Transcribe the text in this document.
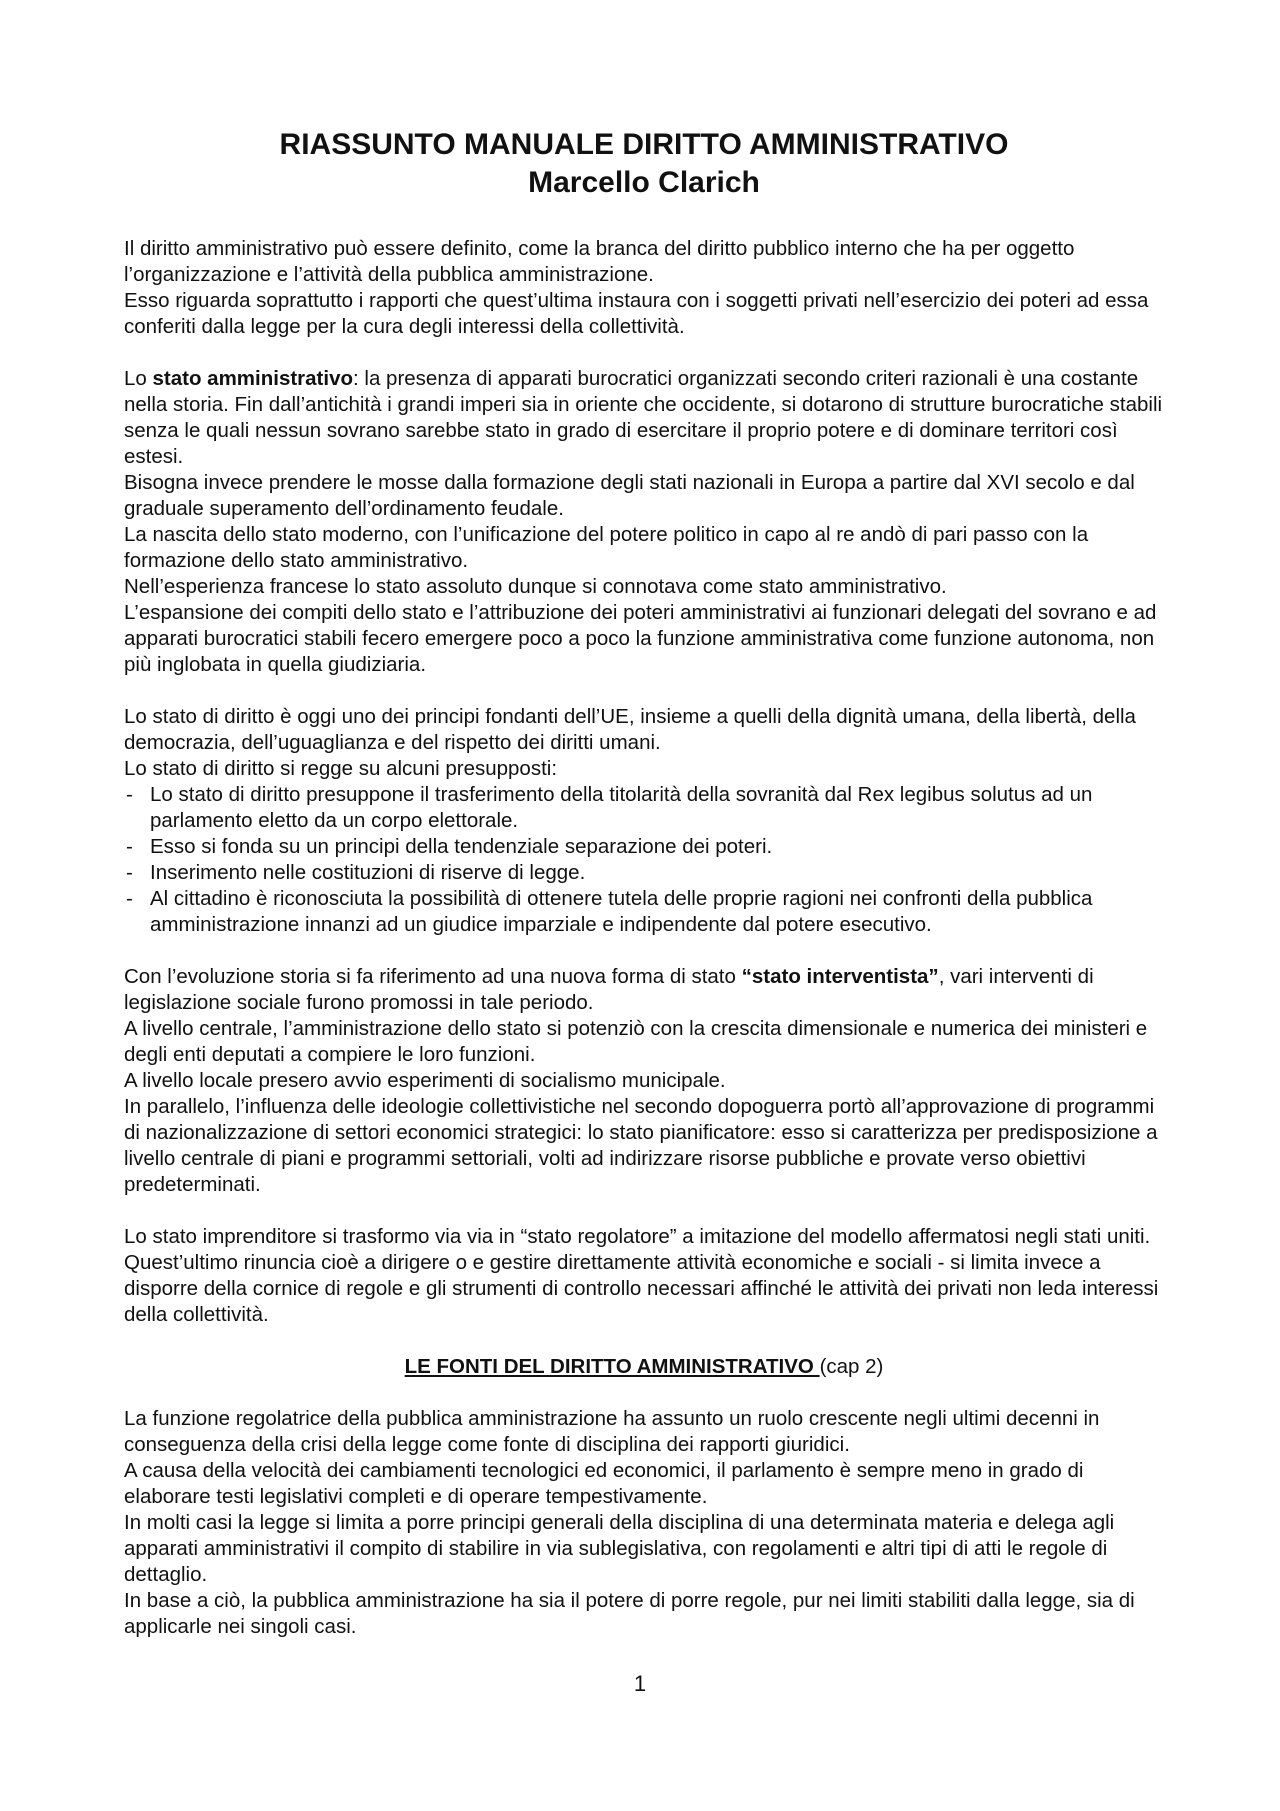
RIASSUNTO MANUALE DIRITTO AMMINISTRATIVO
Marcello Clarich

Il diritto amministrativo può essere definito, come la branca del diritto pubblico interno che ha per oggetto l’organizzazione e l’attività della pubblica amministrazione.

Esso riguarda soprattutto i rapporti che quest’ultima instaura con i soggetti privati nell’esercizio dei poteri ad essa conferiti dalla legge per la cura degli interessi della collettività.

Lo stato amministrativo: la presenza di apparati burocratici organizzati secondo criteri razionali è una costante nella storia. Fin dall’antichità i grandi imperi sia in oriente che occidente, si dotarono di strutture burocratiche stabili senza le quali nessun sovrano sarebbe stato in grado di esercitare il proprio potere e di dominare territori così estesi.

Bisogna invece prendere le mosse dalla formazione degli stati nazionali in Europa a partire dal XVI secolo e dal graduale superamento dell’ordinamento feudale.

La nascita dello stato moderno, con l’unificazione del potere politico in capo al re andò di pari passo con la formazione dello stato amministrativo.

Nell’esperienza francese lo stato assoluto dunque si connotava come stato amministrativo.

L’espansione dei compiti dello stato e l’attribuzione dei poteri amministrativi ai funzionari delegati del sovrano e ad apparati burocratici stabili fecero emergere poco a poco la funzione amministrativa come funzione autonoma, non più inglobata in quella giudiziaria.

Lo stato di diritto è oggi uno dei principi fondanti dell’UE, insieme a quelli della dignità umana, della libertà, della democrazia, dell’uguaglianza e del rispetto dei diritti umani.

Lo stato di diritto si regge su alcuni presupposti:

- Lo stato di diritto presuppone il trasferimento della titolarità della sovranità dal Rex legibus solutus ad un parlamento eletto da un corpo elettorale.
- Esso si fonda su un principi della tendenziale separazione dei poteri.
- Inserimento nelle costituzioni di riserve di legge.
- Al cittadino è riconosciuta la possibilità di ottenere tutela delle proprie ragioni nei confronti della pubblica amministrazione innanzi ad un giudice imparziale e indipendente dal potere esecutivo.

Con l’evoluzione storia si fa riferimento ad una nuova forma di stato “stato interventista”, vari interventi di legislazione sociale furono promossi in tale periodo.

A livello centrale, l’amministrazione dello stato si potenziò con la crescita dimensionale e numerica dei ministeri e degli enti deputati a compiere le loro funzioni.

A livello locale presero avvio esperimenti di socialismo municipale.

In parallelo, l’influenza delle ideologie collettivistiche nel secondo dopoguerra portò all’approvazione di programmi di nazionalizzazione di settori economici strategici: lo stato pianificatore: esso si caratterizza per predisposizione a livello centrale di piani e programmi settoriali, volti ad indirizzare risorse pubbliche e provate verso obiettivi predeterminati.

Lo stato imprenditore si trasformo via via in “stato regolatore” a imitazione del modello affermatosi negli stati uniti.

Quest’ultimo rinuncia cioè a dirigere o e gestire direttamente attività economiche e sociali - si limita invece a disporre della cornice di regole e gli strumenti di controllo necessari affinché le attività dei privati non leda interessi della collettività.

LE FONTI DEL DIRITTO AMMINISTRATIVO (cap 2)

La funzione regolatrice della pubblica amministrazione ha assunto un ruolo crescente negli ultimi decenni in conseguenza della crisi della legge come fonte di disciplina dei rapporti giuridici.

A causa della velocità dei cambiamenti tecnologici ed economici, il parlamento è sempre meno in grado di elaborare testi legislativi completi e di operare tempestivamente.

In molti casi la legge si limita a porre principi generali della disciplina di una determinata materia e delega agli apparati amministrativi il compito di stabilire in via sublegislativa, con regolamenti e altri tipi di atti le regole di dettaglio.

In base a ciò, la pubblica amministrazione ha sia il potere di porre regole, pur nei limiti stabiliti dalla legge, sia di applicarle nei singoli casi.

1
